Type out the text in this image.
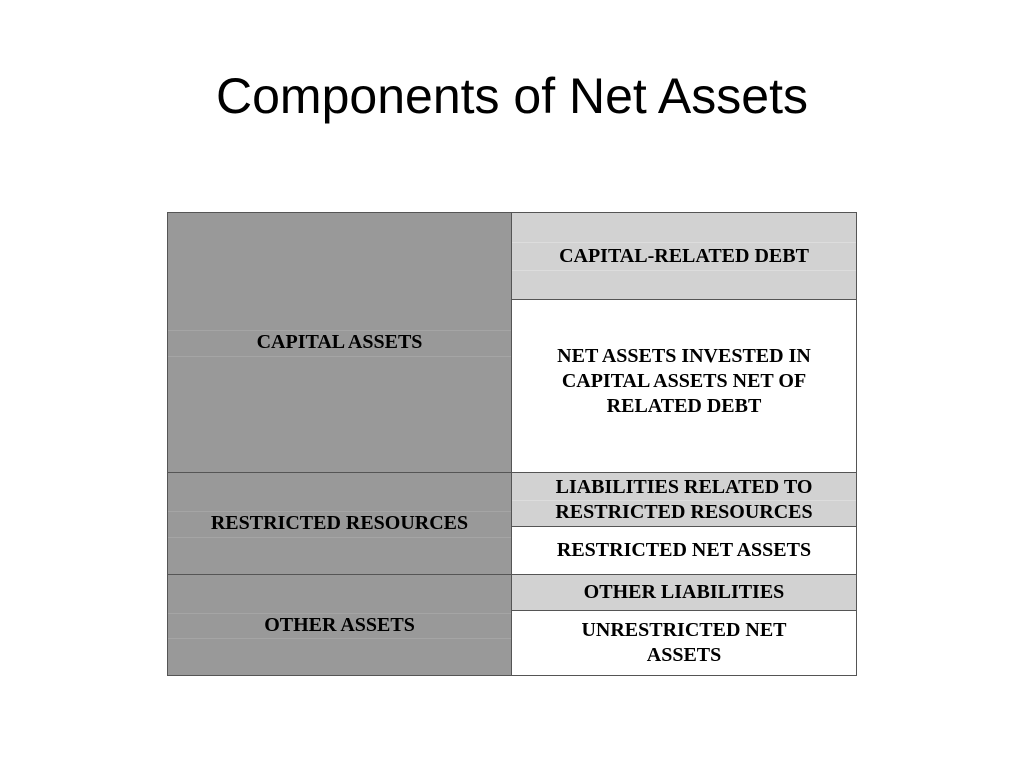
Components of Net Assets
CAPITAL ASSETS
RESTRICTED RESOURCES
OTHER ASSETS
CAPITAL-RELATED DEBT
NET ASSETS INVESTED IN CAPITAL ASSETS NET OF RELATED DEBT
LIABILITIES RELATED TO RESTRICTED RESOURCES
RESTRICTED NET ASSETS
OTHER LIABILITIES
UNRESTRICTED NET ASSETS
